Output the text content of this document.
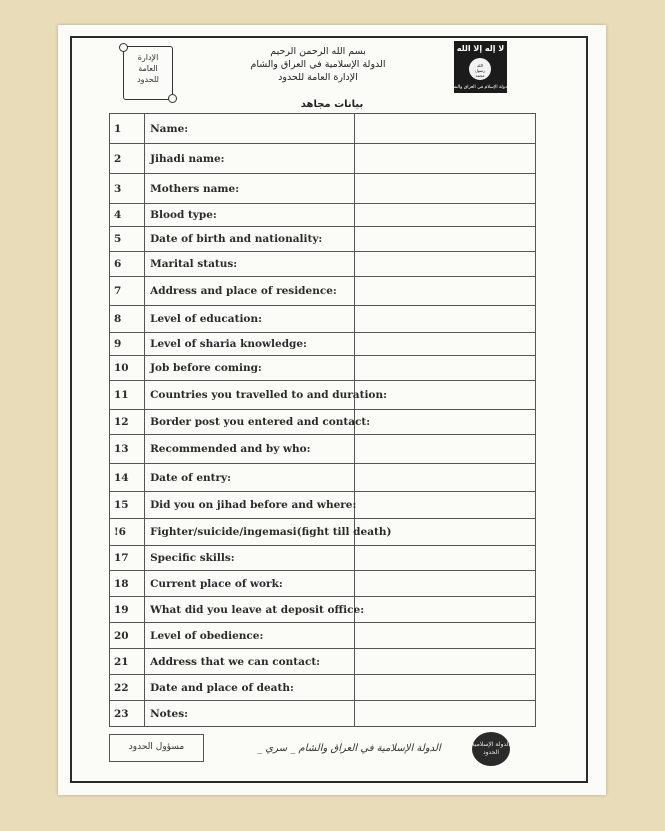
الإدارة
العامة
للحدود
بسم الله الرحمن الرحيم
الدولة الإسلامية في العراق والشام
الإدارة العامة للحدود
لا إله إلا الله
الله
رسول
محمد
دولة الإسلام في العراق والشام
بيانات مجاهد
1	Name:	
2	Jihadi name:	
3	Mothers name:	
4	Blood type:	
5	Date of birth and nationality:	
6	Marital status:	
7	Address and place of residence:	
8	Level of education:	
9	Level of sharia knowledge:	
10	Job before coming:	
11	Countries you travelled to and duration:	
12	Border post you entered and contact:	
13	Recommended and by who:	
14	Date of entry:	
15	Did you on jihad before and where:	
!6	Fighter/suicide/ingemasi(fight till death)	
17	Specific skills:	
18	Current place of work:	
19	What did you leave at deposit office:	
20	Level of obedience:	
21	Address that we can contact:	
22	Date and place of death:	
23	Notes:	
مسؤول الحدود	الدولة الإسلامية في العراق والشام _ سري _	الدولة الإسلامية
الحدود
